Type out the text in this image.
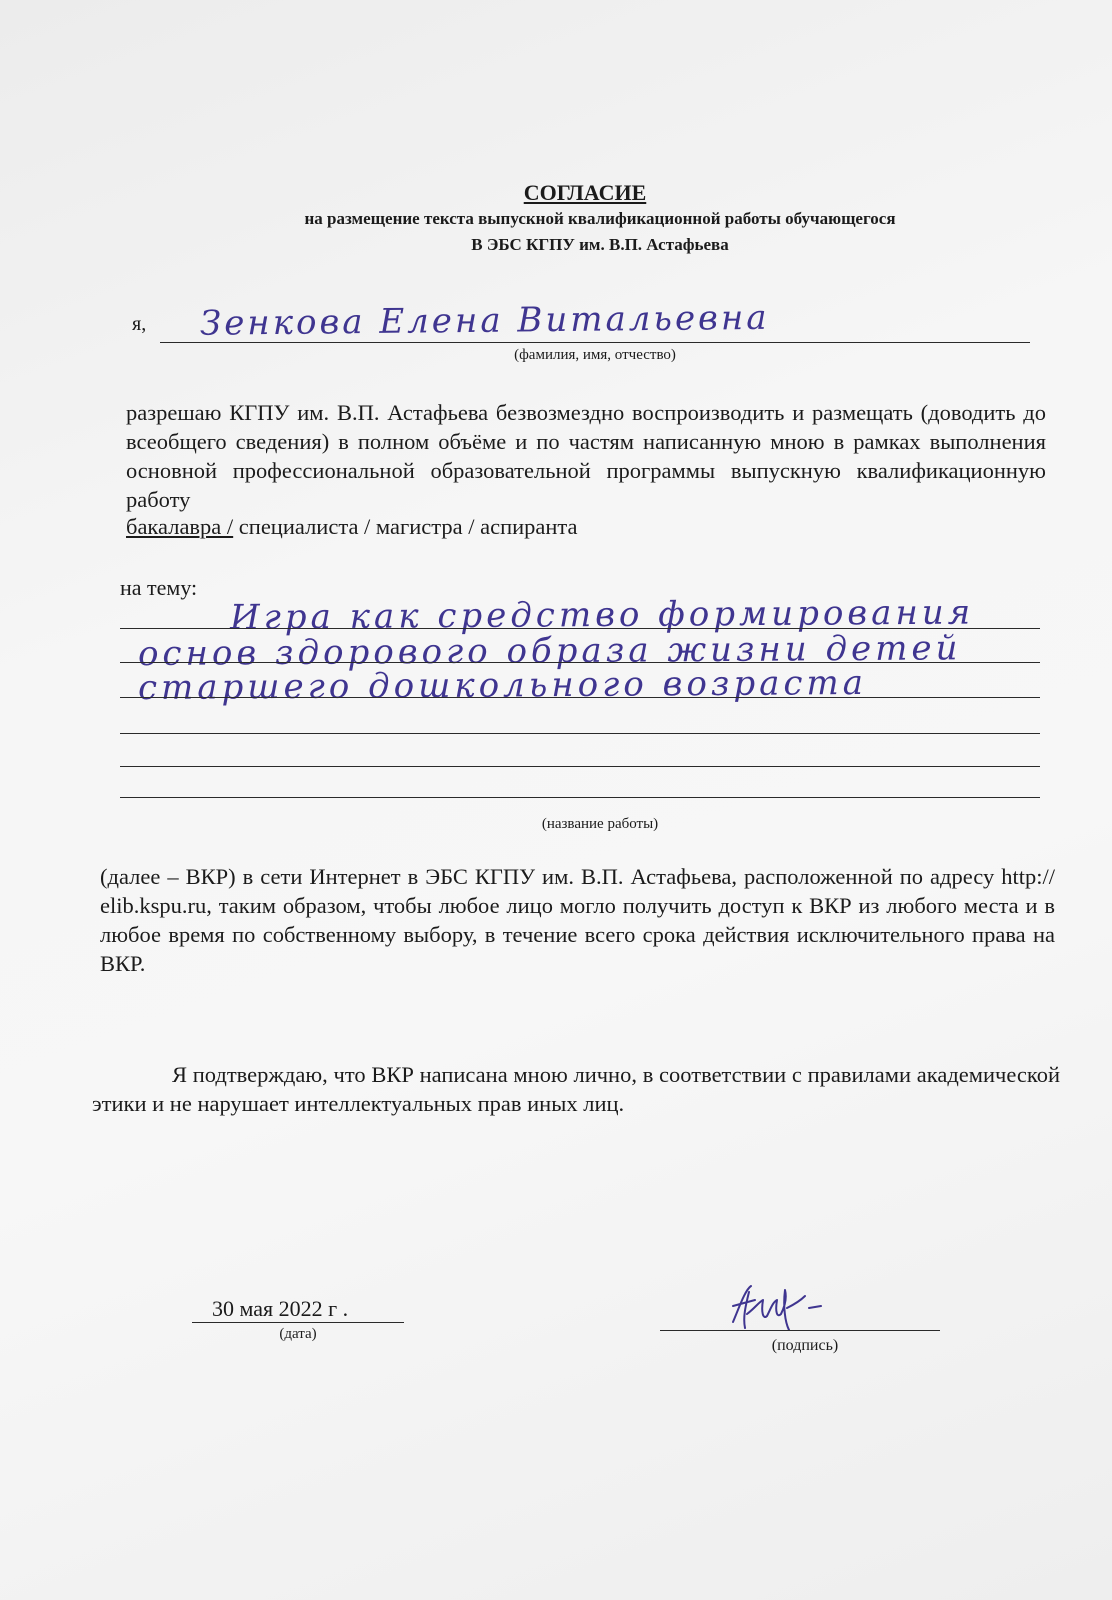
СОГЛАСИЕ
на размещение текста выпускной квалификационной работы обучающегося
В ЭБС КГПУ им. В.П. Астафьева
я, Зенкова Елена Витальевна
(фамилия, имя, отчество)
разрешаю КГПУ им. В.П. Астафьева безвозмездно воспроизводить и размещать (доводить до всеобщего сведения) в полном объёме и по частям написанную мною в рамках выполнения основной профессиональной образовательной программы выпускную квалификационную работу
бакалавра / специалиста / магистра / аспиранта
на тему:
Игра как средство формирования
основ здорового образа жизни детей
старшего дошкольного возраста
(название работы)
(далее – ВКР) в сети Интернет в ЭБС КГПУ им. В.П. Астафьева, расположенной по адресу http:// elib.kspu.ru, таким образом, чтобы любое лицо могло получить доступ к ВКР из любого места и в любое время по собственному выбору, в течение всего срока действия исключительного права на ВКР.
Я подтверждаю, что ВКР написана мною лично, в соответствии с правилами академической этики и не нарушает интеллектуальных прав иных лиц.
30 мая 2022 г .
(дата)
(подпись)
